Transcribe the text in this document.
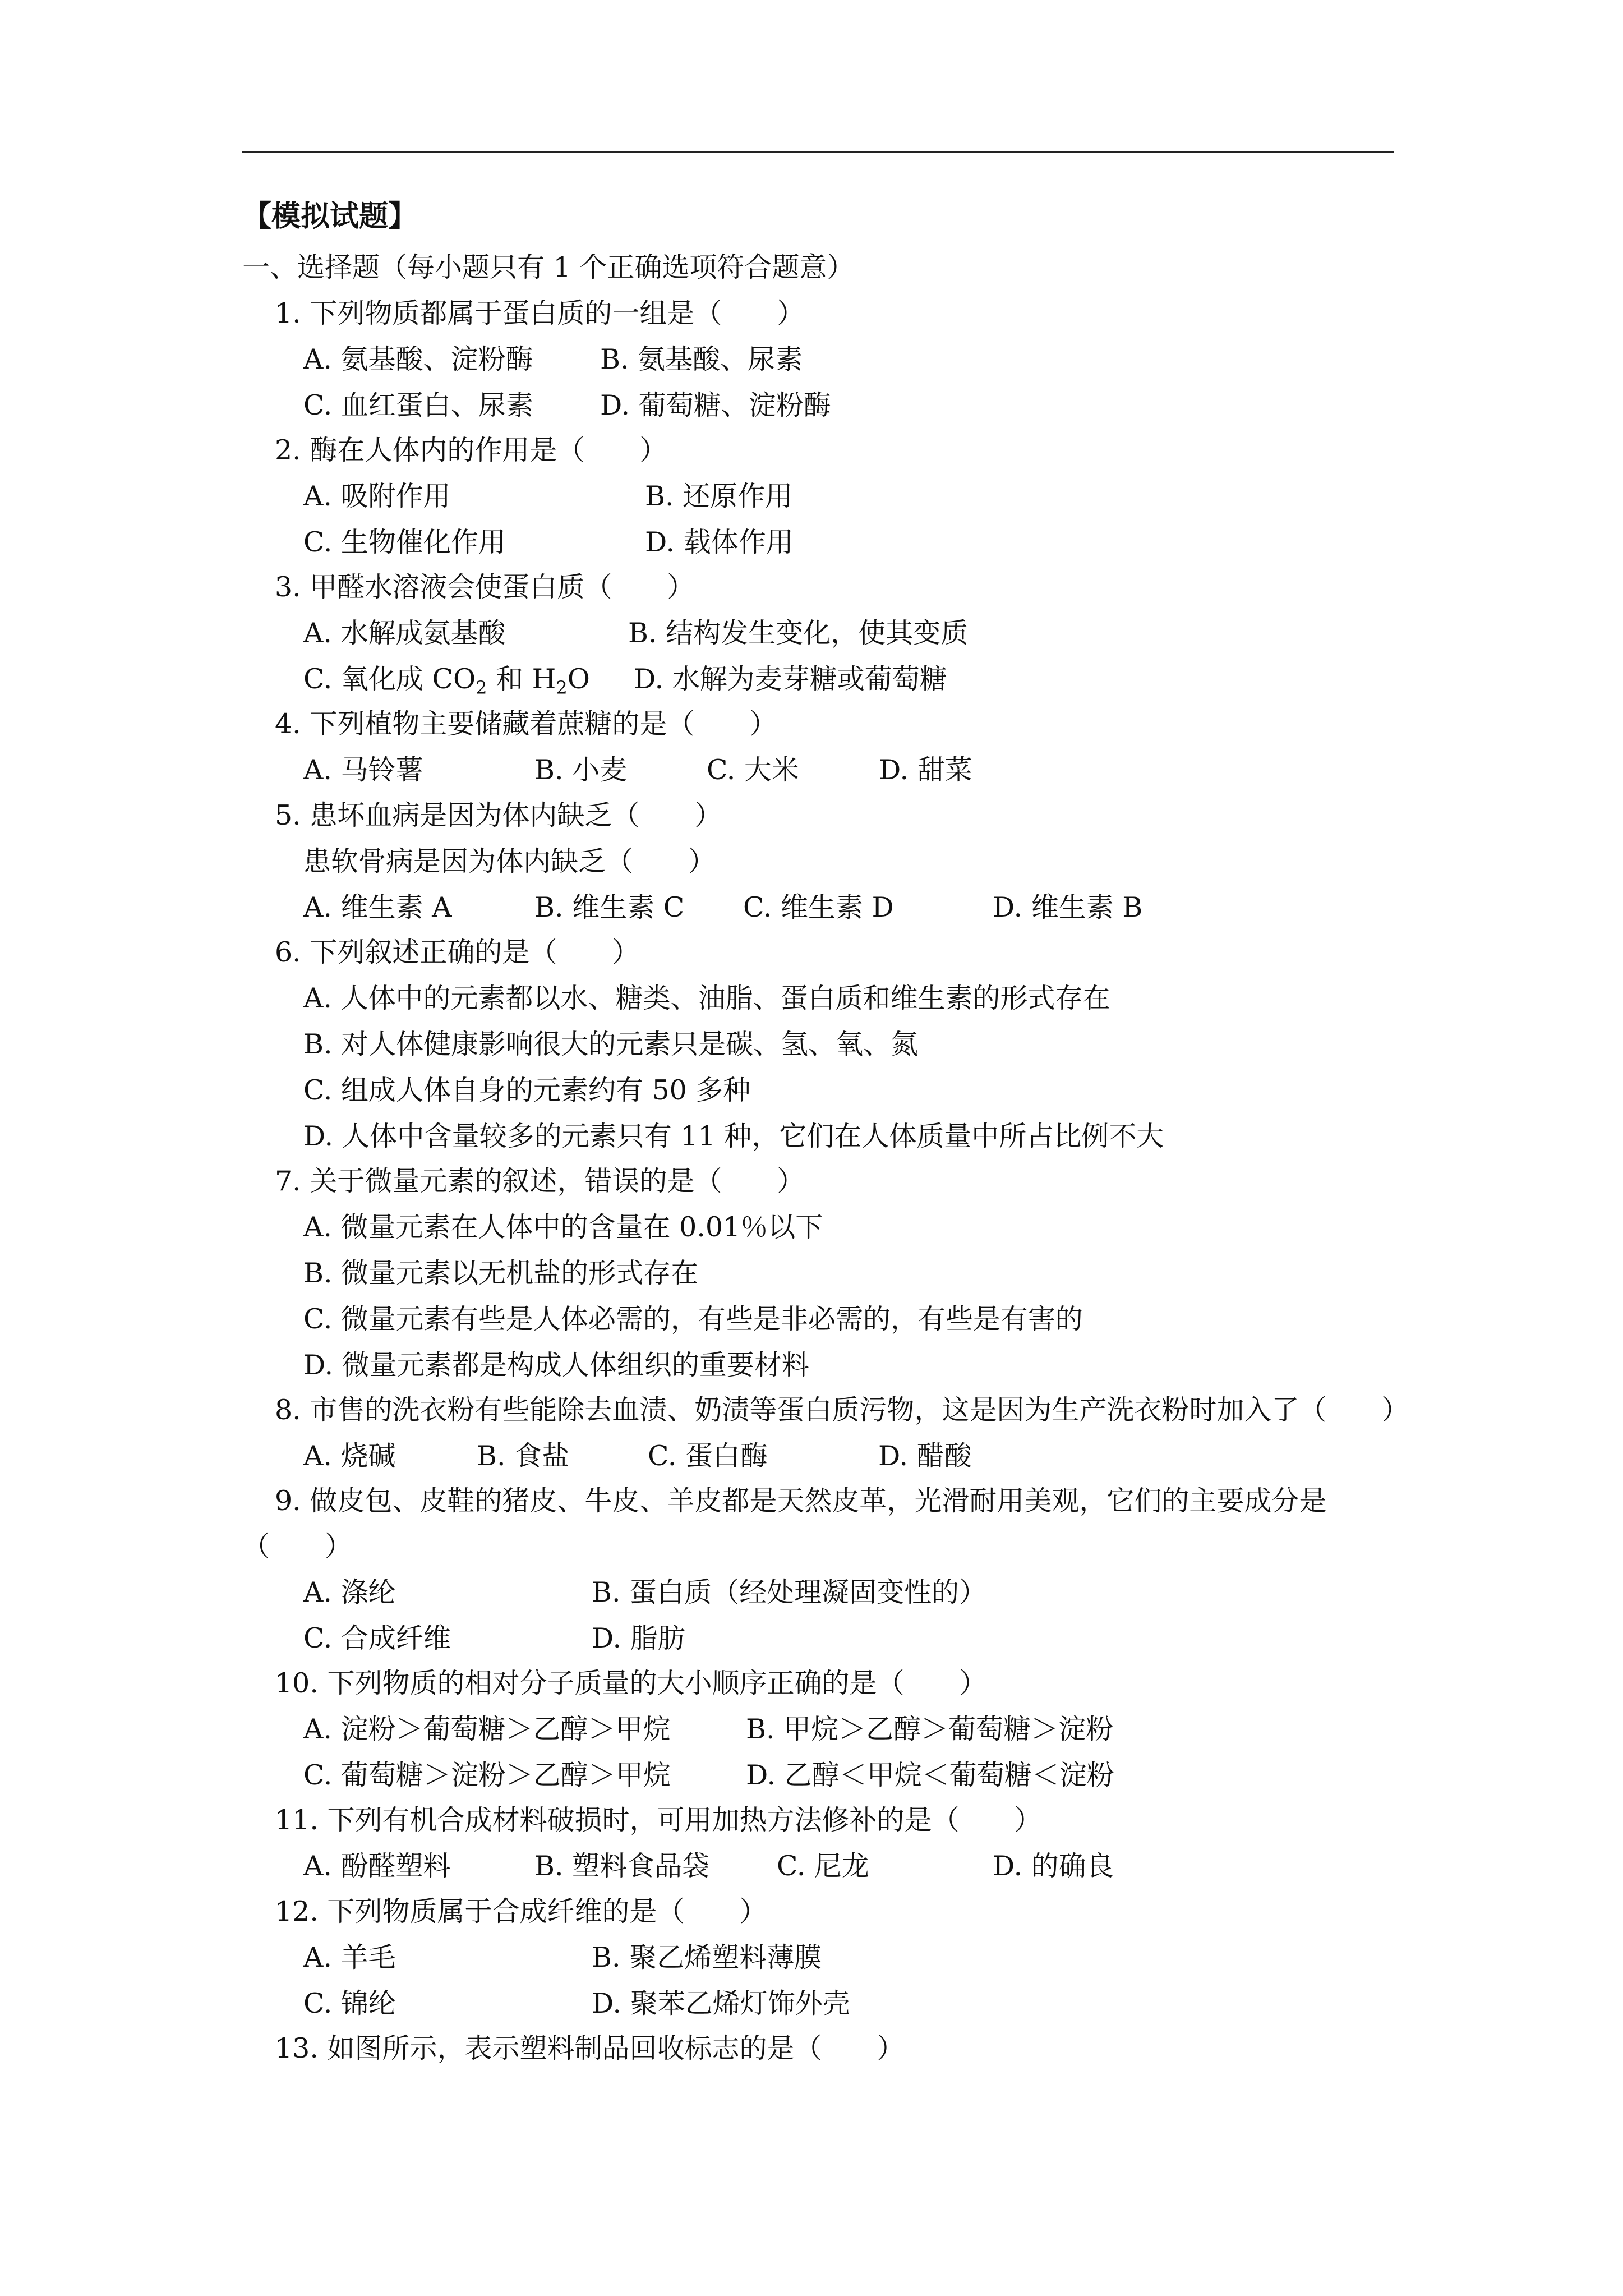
【模拟试题】
一、选择题（每小题只有 1 个正确选项符合题意）
1. 下列物质都属于蛋白质的一组是（　　）
A. 氨基酸、淀粉酶 B. 氨基酸、尿素
C. 血红蛋白、尿素 D. 葡萄糖、淀粉酶
2. 酶在人体内的作用是（　　）
A. 吸附作用	B. 还原作用
C. 生物催化作用	D. 载体作用
3. 甲醛水溶液会使蛋白质（　　）
A. 水解成氨基酸	B. 结构发生变化，使其变质
C. 氧化成 $CO_2$ 和 $H_2O$ D. 水解为麦芽糖或葡萄糖
4. 下列植物主要储藏着蔗糖的是（　　）
A. 马铃薯	B. 小麦	C. 大米	D. 甜菜
5. 患坏血病是因为体内缺乏（　　）
患软骨病是因为体内缺乏（　　）
A. 维生素 A	B. 维生素 C C. 维生素 D	D. 维生素 B
6. 下列叙述正确的是（　　）
A. 人体中的元素都以水、糖类、油脂、蛋白质和维生素的形式存在
B. 对人体健康影响很大的元素只是碳、氢、氧、氮
C. 组成人体自身的元素约有 50 多种
D. 人体中含量较多的元素只有 11 种，它们在人体质量中所占比例不大
7. 关于微量元素的叙述，错误的是（　　）
A. 微量元素在人体中的含量在 0.01％以下
B. 微量元素以无机盐的形式存在
C. 微量元素有些是人体必需的，有些是非必需的，有些是有害的
D. 微量元素都是构成人体组织的重要材料
8. 市售的洗衣粉有些能除去血渍、奶渍等蛋白质污物，这是因为生产洗衣粉时加入了（　　）
A. 烧碱	B. 食盐	C. 蛋白酶	D. 醋酸
9. 做皮包、皮鞋的猪皮、牛皮、羊皮都是天然皮革，光滑耐用美观，它们的主要成分是
（　　）
A. 涤纶	B. 蛋白质（经处理凝固变性的）
C. 合成纤维	D. 脂肪
10. 下列物质的相对分子质量的大小顺序正确的是（　　）
A. 淀粉＞葡萄糖＞乙醇＞甲烷	B. 甲烷＞乙醇＞葡萄糖＞淀粉
C. 葡萄糖＞淀粉＞乙醇＞甲烷	D. 乙醇＜甲烷＜葡萄糖＜淀粉
11. 下列有机合成材料破损时，可用加热方法修补的是（　　）
A. 酚醛塑料	B. 塑料食品袋 C. 尼龙	D. 的确良
12. 下列物质属于合成纤维的是（　　）
A. 羊毛	B. 聚乙烯塑料薄膜
C. 锦纶	D. 聚苯乙烯灯饰外壳
13. 如图所示，表示塑料制品回收标志的是（　　）
